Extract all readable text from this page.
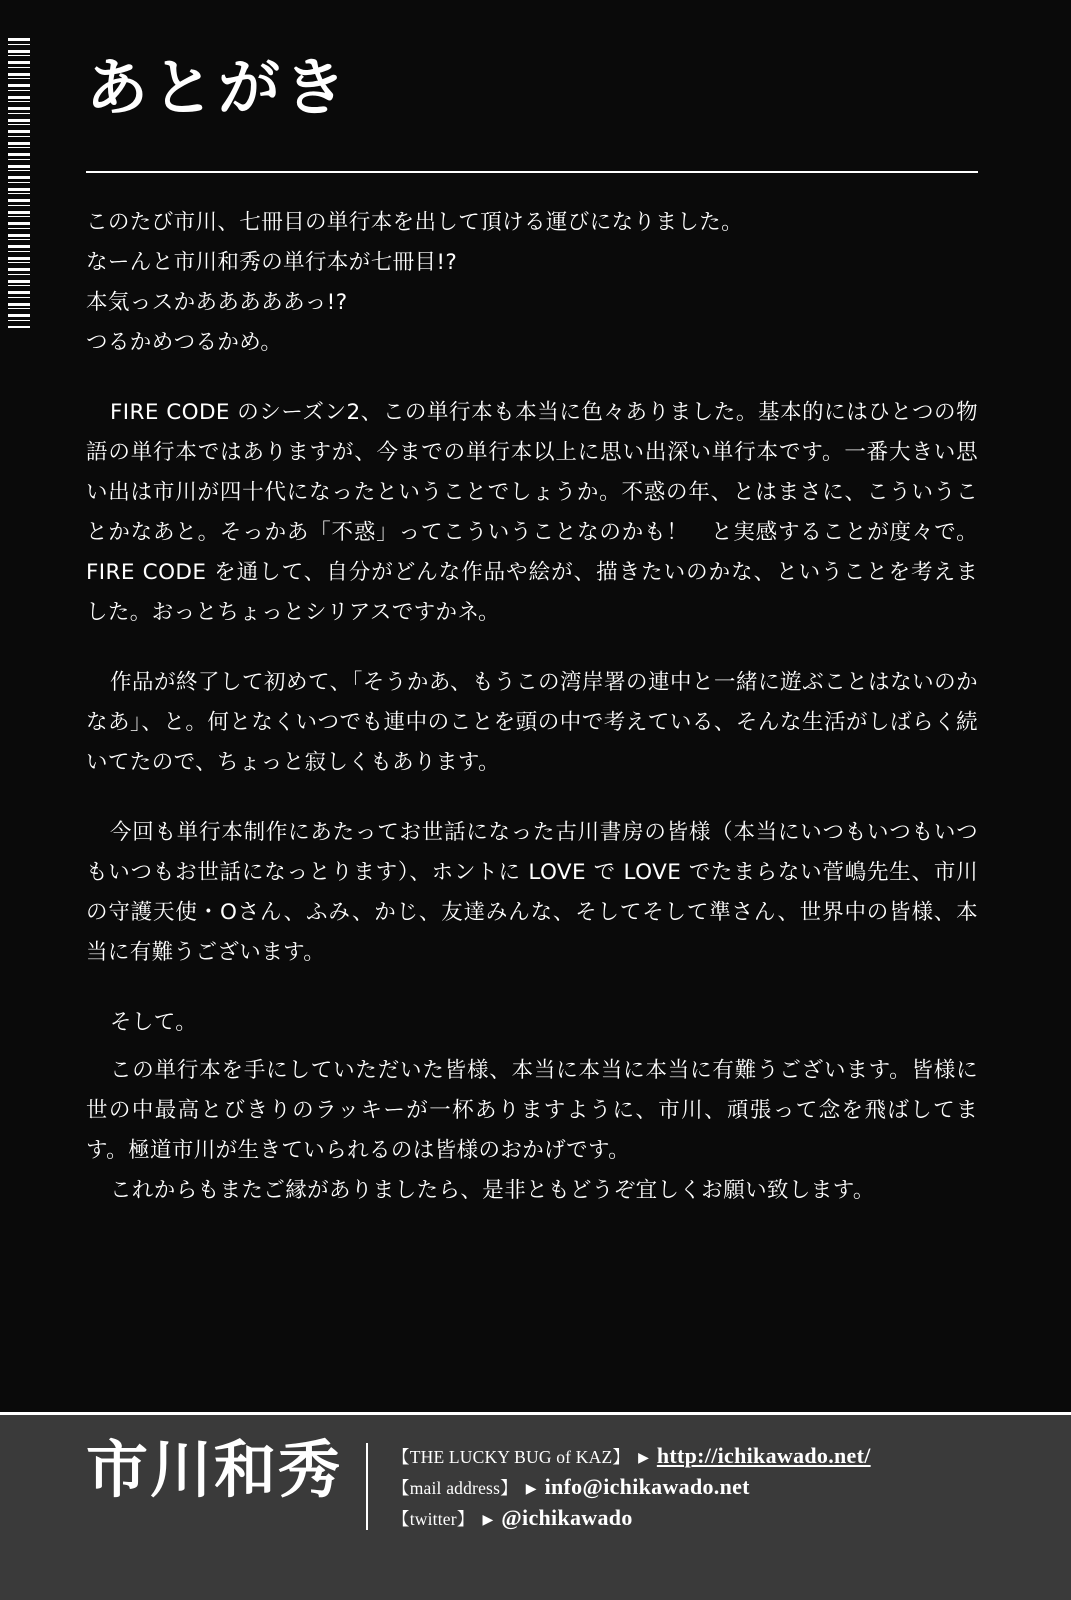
あとがき

このたび市川、七冊目の単行本を出して頂ける運びになりました。
なーんと市川和秀の単行本が七冊目!?
本気っスかあああああっ!?
つるかめつるかめ。

FIRE CODE のシーズン2、この単行本も本当に色々ありました。基本的にはひとつの物語の単行本ではありますが、今までの単行本以上に思い出深い単行本です。一番大きい思い出は市川が四十代になったということでしょうか。不惑の年、とはまさに、こういうことかなあと。そっかあ「不惑」ってこういうことなのかも！　と実感することが度々で。FIRE CODE を通して、自分がどんな作品や絵が、描きたいのかな、ということを考えました。おっとちょっとシリアスですかネ。

作品が終了して初めて、「そうかあ、もうこの湾岸署の連中と一緒に遊ぶことはないのかなあ」、と。何となくいつでも連中のことを頭の中で考えている、そんな生活がしばらく続いてたので、ちょっと寂しくもあります。

今回も単行本制作にあたってお世話になった古川書房の皆様（本当にいつもいつもいつもいつもお世話になっとります）、ホントに LOVE で LOVE でたまらない菅嶋先生、市川の守護天使・Oさん、ふみ、かじ、友達みんな、そしてそして準さん、世界中の皆様、本当に有難うございます。

そして。

この単行本を手にしていただいた皆様、本当に本当に本当に有難うございます。皆様に世の中最高とびきりのラッキーが一杯ありますように、市川、頑張って念を飛ばしてます。極道市川が生きていられるのは皆様のおかげです。

これからもまたご縁がありましたら、是非ともどうぞ宜しくお願い致します。

市川和秀	【THE LUCKY BUG of KAZ】 ▶ http://ichikawado.net/
【mail address】 ▶ info@ichikawado.net
【twitter】 ▶ @ichikawado
